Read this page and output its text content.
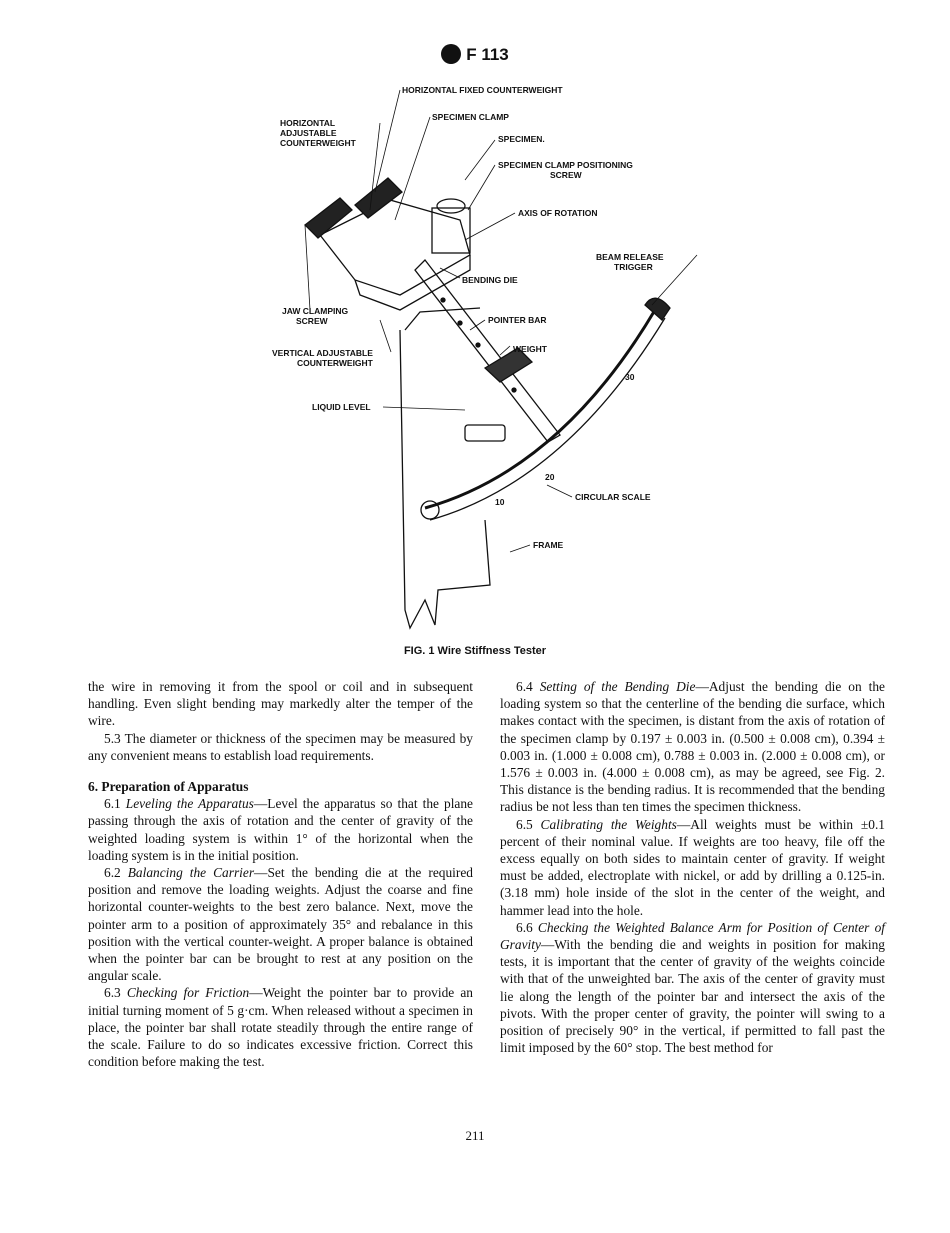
F 113
HORIZONTAL FIXED COUNTERWEIGHT
HORIZONTAL
ADJUSTABLE
COUNTERWEIGHT
SPECIMEN CLAMP
SPECIMEN.
SPECIMEN CLAMP POSITIONING
SCREW
AXIS OF ROTATION
BEAM RELEASE
TRIGGER
BENDING DIE
JAW CLAMPING
SCREW	POINTER BAR
WEIGHT
VERTICAL ADJUSTABLE
COUNTERWEIGHT
LIQUID LEVEL
CIRCULAR SCALE
FRAME
30
20
10
FIG. 1 Wire Stiffness Tester

the wire in removing it from the spool or coil and in subsequent handling. Even slight bending may markedly alter the temper of the wire.

5.3 The diameter or thickness of the specimen may be measured by any convenient means to establish load requirements.

6. Preparation of Apparatus

6.1 Leveling the Apparatus—Level the apparatus so that the plane passing through the axis of rotation and the center of gravity of the weighted loading system is within 1° of the horizontal when the loading system is in the initial position.

6.2 Balancing the Carrier—Set the bending die at the required position and remove the loading weights. Adjust the coarse and fine horizontal counter-weights to the best zero balance. Next, move the pointer arm to a position of approximately 35° and rebalance in this position with the vertical counter-weight. A proper balance is obtained when the pointer bar can be brought to rest at any position on the angular scale.

6.3 Checking for Friction—Weight the pointer bar to provide an initial turning moment of 5 g·cm. When released without a specimen in place, the pointer bar shall rotate steadily through the entire range of the scale. Failure to do so indicates excessive friction. Correct this condition before making the test.

6.4 Setting of the Bending Die—Adjust the bending die on the loading system so that the centerline of the bending die surface, which makes contact with the specimen, is distant from the axis of rotation of the specimen clamp by 0.197 ± 0.003 in. (0.500 ± 0.008 cm), 0.394 ± 0.003 in. (1.000 ± 0.008 cm), 0.788 ± 0.003 in. (2.000 ± 0.008 cm), or 1.576 ± 0.003 in. (4.000 ± 0.008 cm), as may be agreed, see Fig. 2. This distance is the bending radius. It is recommended that the bending radius be not less than ten times the specimen thickness.

6.5 Calibrating the Weights—All weights must be within ±0.1 percent of their nominal value. If weights are too heavy, file off the excess equally on both sides to maintain center of gravity. If weight must be added, electroplate with nickel, or add by drilling a 0.125-in. (3.18 mm) hole inside of the slot in the center of the weight, and hammer lead into the hole.

6.6 Checking the Weighted Balance Arm for Position of Center of Gravity—With the bending die and weights in position for making tests, it is important that the center of gravity of the weights coincide with that of the unweighted bar. The axis of the center of gravity must lie along the length of the pointer bar and intersect the axis of the pivots. With the proper center of gravity, the pointer will swing to a position of precisely 90° in the vertical, if permitted to fall past the limit imposed by the 60° stop. The best method for

211
